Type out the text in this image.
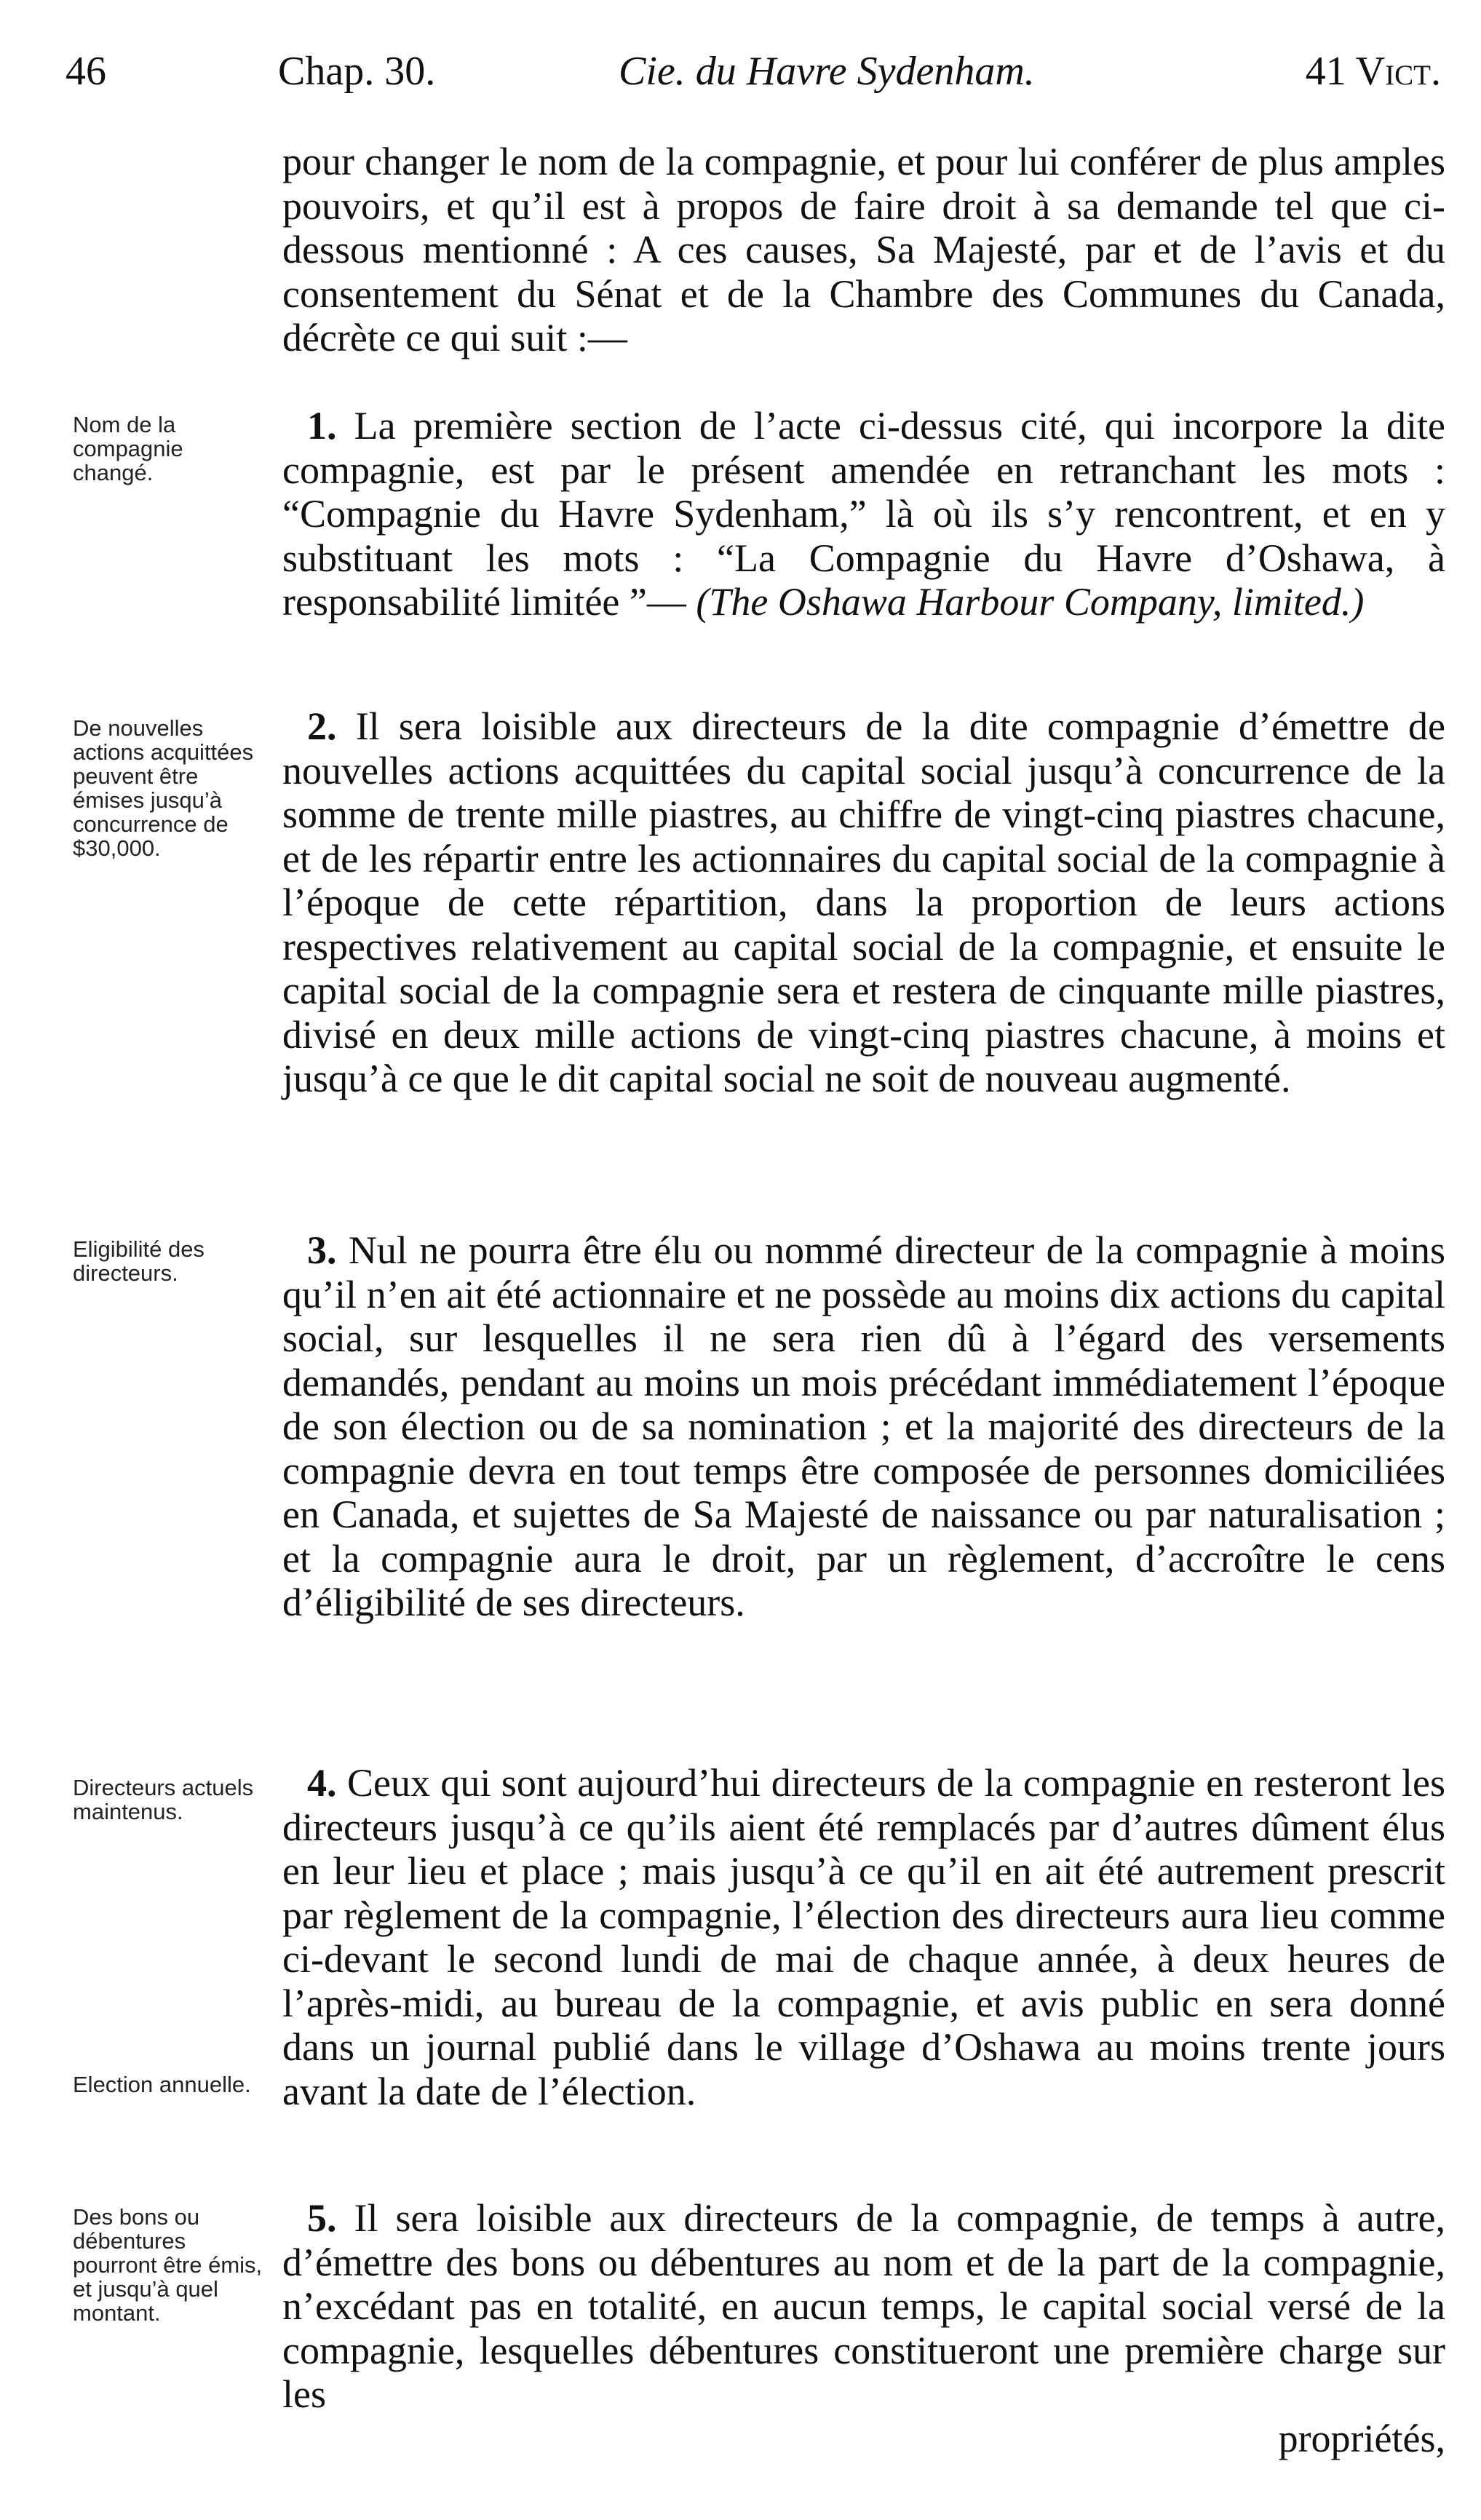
46	Chap. 30.	Cie. du Havre Sydenham.	41 Vict.
pour changer le nom de la compagnie, et pour lui conférer de plus amples pouvoirs, et qu’il est à propos de faire droit à sa demande tel que ci-dessous mentionné : A ces causes, Sa Majesté, par et de l’avis et du consentement du Sénat et de la Chambre des Communes du Canada, décrète ce qui suit :—
Nom de la compagnie changé.
1. La première section de l’acte ci-dessus cité, qui incorpore la dite compagnie, est par le présent amendée en retranchant les mots : “Compagnie du Havre Sydenham,” là où ils s’y rencontrent, et en y substituant les mots : “La Compagnie du Havre d’Oshawa, à responsabilité limitée ”— (The Oshawa Harbour Company, limited.)
De nouvelles actions acquittées peuvent être émises jusqu’à concurrence de $30,000.
2. Il sera loisible aux directeurs de la dite compagnie d’émettre de nouvelles actions acquittées du capital social jusqu’à concurrence de la somme de trente mille piastres, au chiffre de vingt-cinq piastres chacune, et de les répartir entre les actionnaires du capital social de la compagnie à l’époque de cette répartition, dans la proportion de leurs actions respectives relativement au capital social de la compagnie, et ensuite le capital social de la compagnie sera et restera de cinquante mille piastres, divisé en deux mille actions de vingt-cinq piastres chacune, à moins et jusqu’à ce que le dit capital social ne soit de nouveau augmenté.
Eligibilité des directeurs.
3. Nul ne pourra être élu ou nommé directeur de la compagnie à moins qu’il n’en ait été actionnaire et ne possède au moins dix actions du capital social, sur lesquelles il ne sera rien dû à l’égard des versements demandés, pendant au moins un mois précédant immédiatement l’époque de son élection ou de sa nomination ; et la majorité des directeurs de la compagnie devra en tout temps être composée de personnes domiciliées en Canada, et sujettes de Sa Majesté de naissance ou par naturalisation ; et la compagnie aura le droit, par un règlement, d’accroître le cens d’éligibilité de ses directeurs.
Directeurs actuels maintenus.
Election annuelle.
4. Ceux qui sont aujourd’hui directeurs de la compagnie en resteront les directeurs jusqu’à ce qu’ils aient été remplacés par d’autres dûment élus en leur lieu et place ; mais jusqu’à ce qu’il en ait été autrement prescrit par règlement de la compagnie, l’élection des directeurs aura lieu comme ci-devant le second lundi de mai de chaque année, à deux heures de l’après-midi, au bureau de la compagnie, et avis public en sera donné dans un journal publié dans le village d’Oshawa au moins trente jours avant la date de l’élection.
Des bons ou débentures pourront être émis, et jusqu’à quel montant.
5. Il sera loisible aux directeurs de la compagnie, de temps à autre, d’émettre des bons ou débentures au nom et de la part de la compagnie, n’excédant pas en totalité, en aucun temps, le capital social versé de la compagnie, lesquelles débentures constitueront une première charge sur les
propriétés,
